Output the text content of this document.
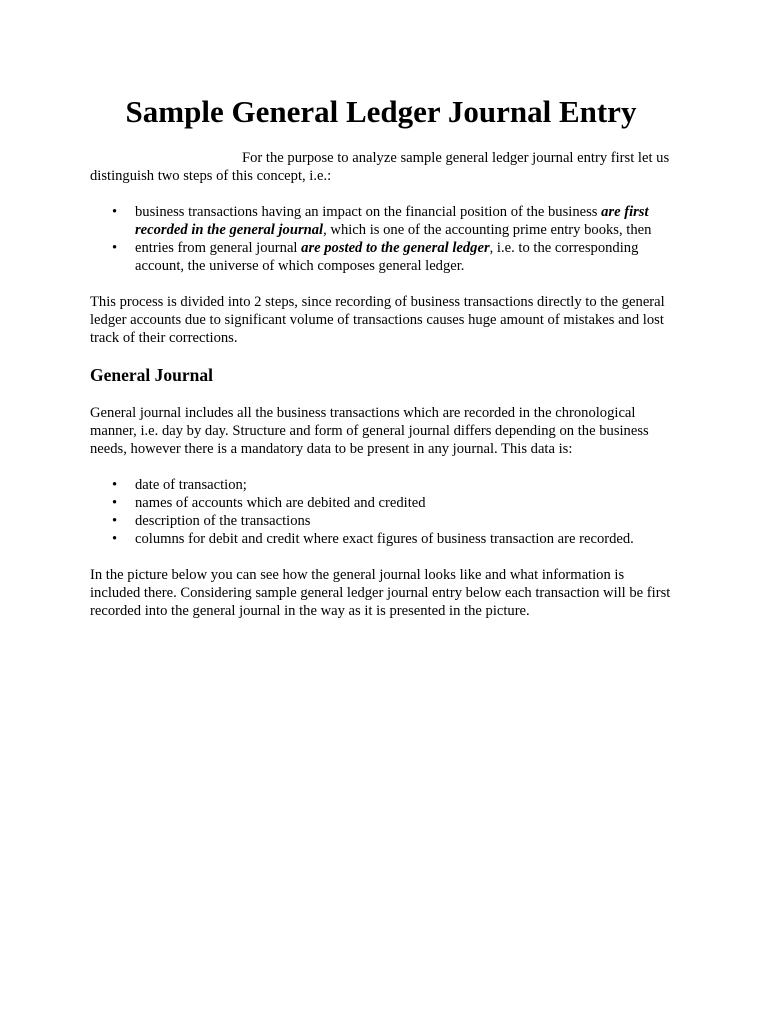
Sample General Ledger Journal Entry

For the purpose to analyze sample general ledger journal entry first let us distinguish two steps of this concept, i.e.:

• business transactions having an impact on the financial position of the business are first recorded in the general journal, which is one of the accounting prime entry books, then
• entries from general journal are posted to the general ledger, i.e. to the corresponding account, the universe of which composes general ledger.

This process is divided into 2 steps, since recording of business transactions directly to the general ledger accounts due to significant volume of transactions causes huge amount of mistakes and lost track of their corrections.

General Journal

General journal includes all the business transactions which are recorded in the chronological manner, i.e. day by day. Structure and form of general journal differs depending on the business needs, however there is a mandatory data to be present in any journal. This data is:

• date of transaction;
• names of accounts which are debited and credited
• description of the transactions
• columns for debit and credit where exact figures of business transaction are recorded.

In the picture below you can see how the general journal looks like and what information is included there. Considering sample general ledger journal entry below each transaction will be first recorded into the general journal in the way as it is presented in the picture.
